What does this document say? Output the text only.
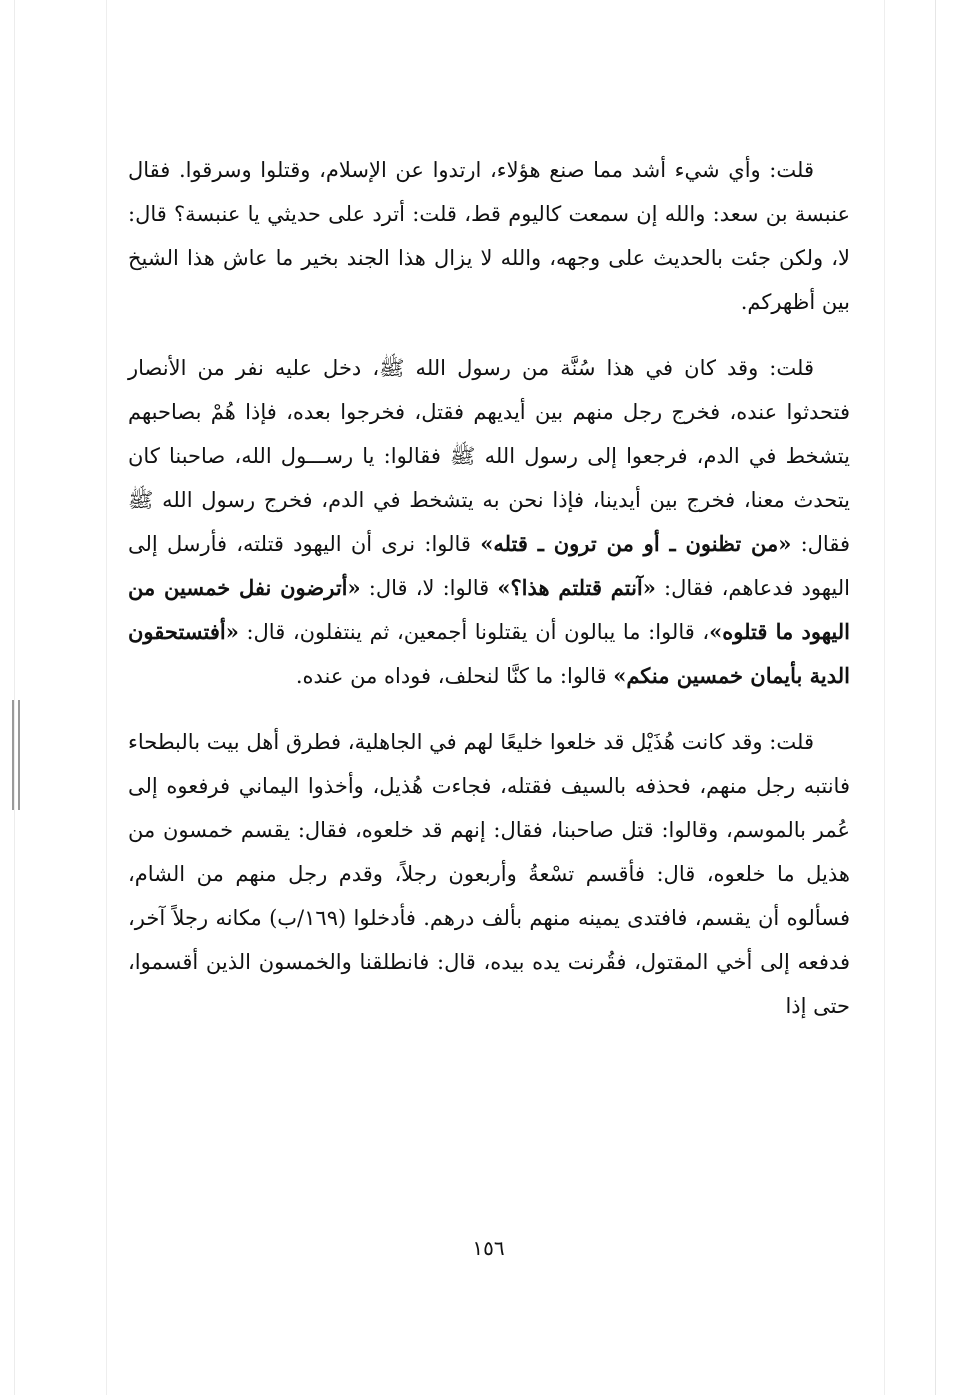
قلت: وأي شيء أشد مما صنع هؤلاء، ارتدوا عن الإسلام، وقتلوا وسرقوا. فقال عنبسة بن سعد: والله إن سمعت كاليوم قط، قلت: أترد على حديثي يا عنبسة؟ قال: لا، ولكن جئت بالحديث على وجهه، والله لا يزال هذا الجند بخير ما عاش هذا الشيخ بين أظهركم.

قلت: وقد كان في هذا سُنَّة من رسول الله ﷺ، دخل عليه نفر من الأنصار فتحدثوا عنده، فخرج رجل منهم بين أيديهم فقتل، فخرجوا بعده، فإذا هُمْ بصاحبهم يتشخط في الدم، فرجعوا إلى رسول الله ﷺ فقالوا: يا رســـول الله، صاحبنا كان يتحدث معنا، فخرج بين أيدينا، فإذا نحن به يتشخط في الدم، فخرج رسول الله ﷺ فقال: «من تظنون ـ أو من ترون ـ قتله» قالوا: نرى أن اليهود قتلته، فأرسل إلى اليهود فدعاهم، فقال: «آنتم قتلتم هذا؟» قالوا: لا، قال: «أترضون نفل خمسين من اليهود ما قتلوه»، قالوا: ما يبالون أن يقتلونا أجمعين، ثم ينتفلون، قال: «أفتستحقون الدية بأيمان خمسين منكم» قالوا: ما كنَّا لنحلف، فوداه من عنده.

قلت: وقد كانت هُذَيْل قد خلعوا خليعًا لهم في الجاهلية، فطرق أهل بيت بالبطحاء فانتبه رجل منهم، فحذفه بالسيف فقتله، فجاءت هُذيل، وأخذوا اليماني فرفعوه إلى عُمر بالموسم، وقالوا: قتل صاحبنا، فقال: إنهم قد خلعوه، فقال: يقسم خمسون من هذيل ما خلعوه، قال: فأقسم تسْعةُ وأربعون رجلاً، وقدم رجل منهم من الشام، فسألوه أن يقسم، فافتدى يمينه منهم بألف درهم. فأدخلوا (١٦٩/ب) مكانه رجلاً آخر، فدفعه إلى أخي المقتول، فقُرنت يده بيده، قال: فانطلقنا والخمسون الذين أقسموا، حتى إذا

١٥٦
